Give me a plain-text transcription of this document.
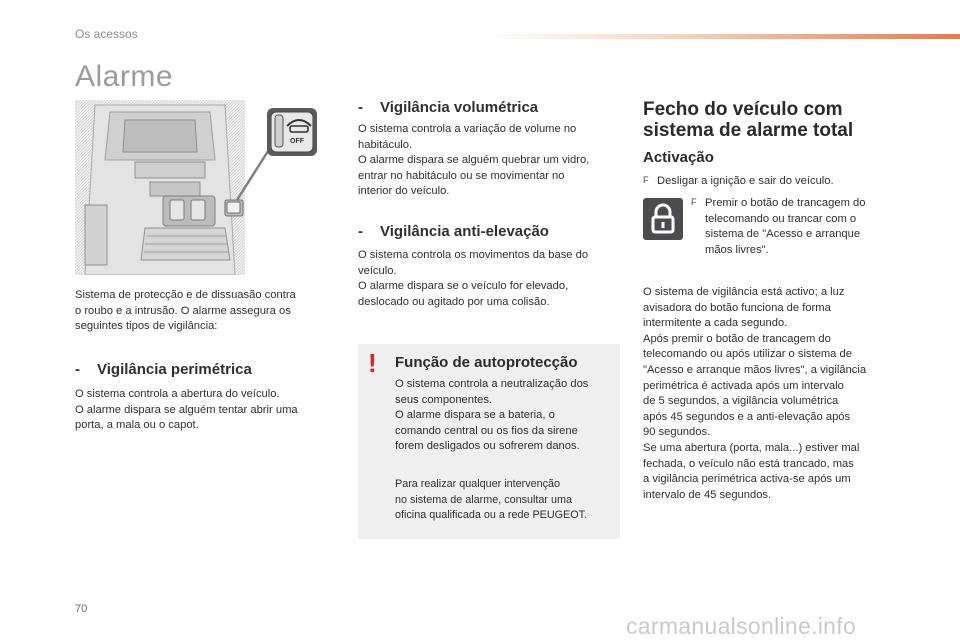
Os acessos
Alarme
OFF

Sistema de protecção e de dissuasão contra

o roubo e a intrusão. O alarme assegura os

seguintes tipos de vigilância:

- Vigilância perimétrica

O sistema controla a abertura do veículo.

O alarme dispara se alguém tentar abrir uma

porta, a mala ou o capot.

- Vigilância volumétrica

O sistema controla a variação de volume no

habitáculo.

O alarme dispara se alguém quebrar um vidro,

entrar no habitáculo ou se movimentar no

interior do veículo.

- Vigilância anti-elevação

O sistema controla os movimentos da base do

veículo.

O alarme dispara se o veículo for elevado,

deslocado ou agitado por uma colisão.

! Função de autoprotecção

O sistema controla a neutralização dos

seus componentes.

O alarme dispara se a bateria, o

comando central ou os fios da sirene

forem desligados ou sofrerem danos.

Para realizar qualquer intervenção

no sistema de alarme, consultar uma

oficina qualificada ou a rede PEUGEOT.

Fecho do veículo com
sistema de alarme total
Activação

F Desligar a ignição e sair do veículo.

F Premir o botão de trancagem do

telecomando ou trancar com o

sistema de "Acesso e arranque

mãos livres".

O sistema de vigilância está activo; a luz

avisadora do botão funciona de forma

intermitente a cada segundo.

Após premir o botão de trancagem do

telecomando ou após utilizar o sistema de

"Acesso e arranque mãos livres", a vigilância

perimétrica é activada após um intervalo

de 5 segundos, a vigilância volumétrica

após 45 segundos e a anti-elevação após

90 segundos.

Se uma abertura (porta, mala...) estiver mal

fechada, o veículo não está trancado, mas

a vigilância perimétrica activa-se após um

intervalo de 45 segundos.

70
carmanualsonline.info
